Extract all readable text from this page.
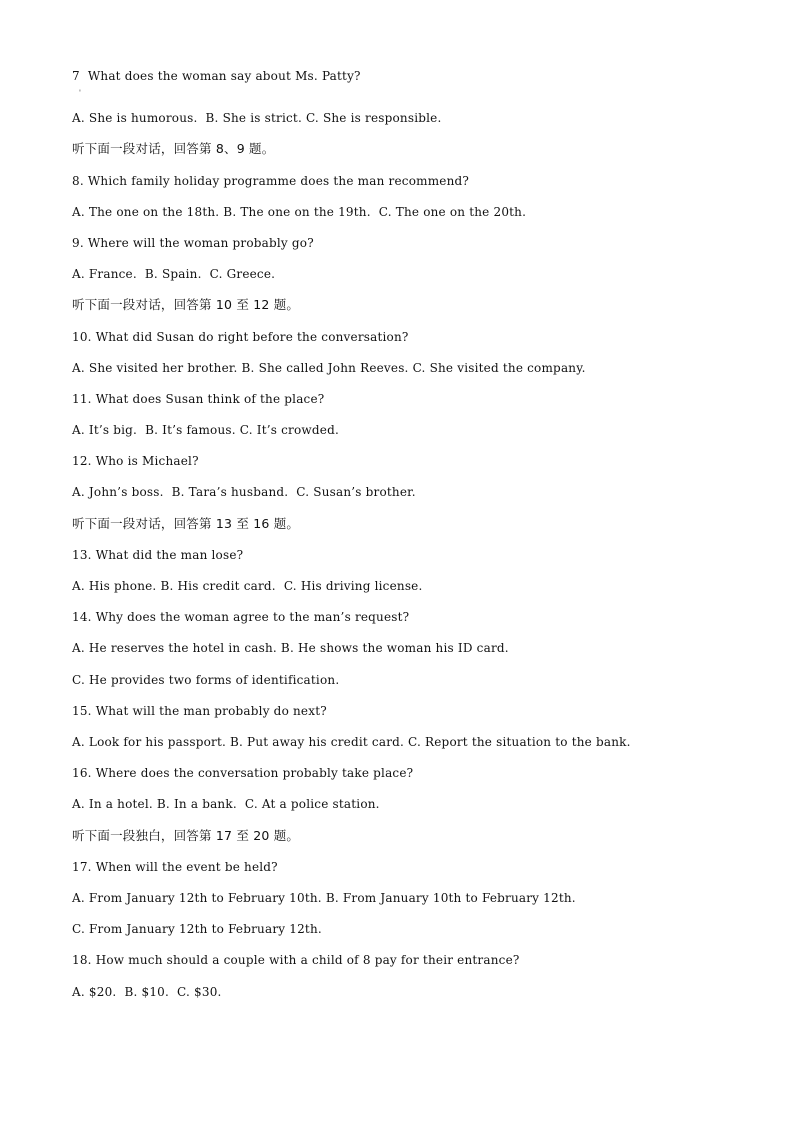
7  What does the woman say about Ms. Patty?
'
A. She is humorous.  B. She is strict. C. She is responsible.
听下面一段对话，回答第 8、9 题。
8. Which family holiday programme does the man recommend?
A. The one on the 18th. B. The one on the 19th.  C. The one on the 20th.
9. Where will the woman probably go?
A. France.  B. Spain.  C. Greece.
听下面一段对话，回答第 10 至 12 题。
10. What did Susan do right before the conversation?
A. She visited her brother. B. She called John Reeves. C. She visited the company.
11. What does Susan think of the place?
A. It’s big.  B. It’s famous. C. It’s crowded.
12. Who is Michael?
A. John’s boss.  B. Tara’s husband.  C. Susan’s brother.
听下面一段对话，回答第 13 至 16 题。
13. What did the man lose?
A. His phone. B. His credit card.  C. His driving license.
14. Why does the woman agree to the man’s request?
A. He reserves the hotel in cash. B. He shows the woman his ID card.
C. He provides two forms of identification.
15. What will the man probably do next?
A. Look for his passport. B. Put away his credit card. C. Report the situation to the bank.
16. Where does the conversation probably take place?
A. In a hotel. B. In a bank.  C. At a police station.
听下面一段独白，回答第 17 至 20 题。
17. When will the event be held?
A. From January 12th to February 10th. B. From January 10th to February 12th.
C. From January 12th to February 12th.
18. How much should a couple with a child of 8 pay for their entrance?
A. $20.  B. $10.  C. $30.
